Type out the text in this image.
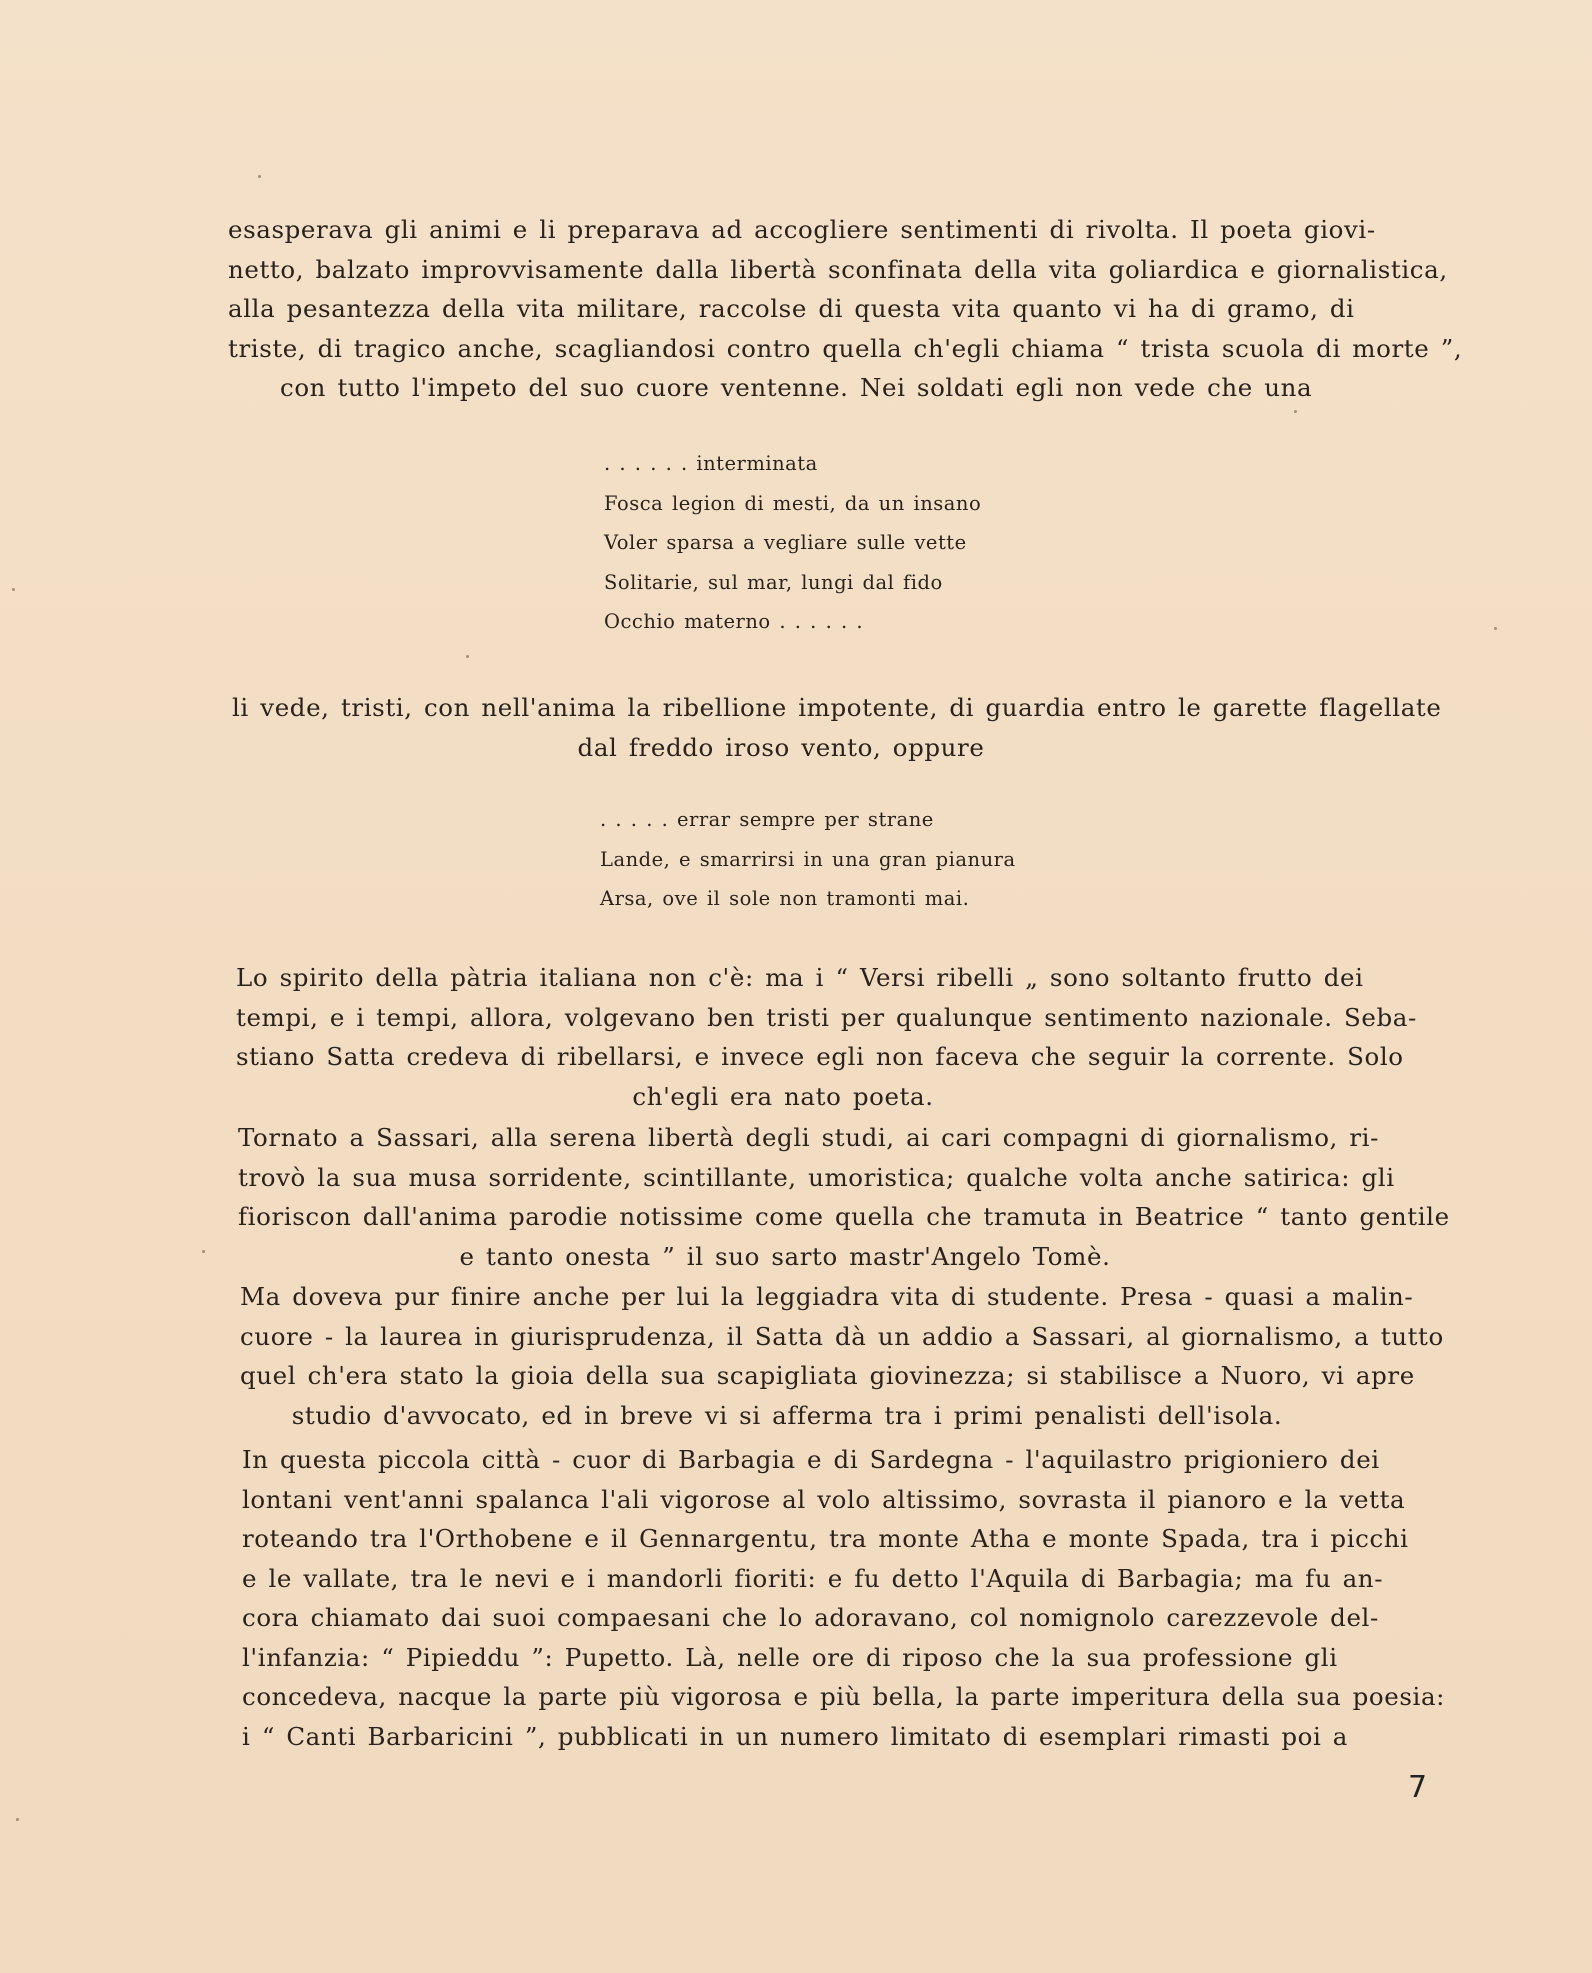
esasperava gli animi e li preparava ad accogliere sentimenti di rivolta. Il poeta giovi-
netto, balzato improvvisamente dalla libertà sconfinata della vita goliardica e giornalistica,
alla pesantezza della vita militare, raccolse di questa vita quanto vi ha di gramo, di
triste, di tragico anche, scagliandosi contro quella ch'egli chiama “ trista scuola di morte ”,
con tutto l'impeto del suo cuore ventenne. Nei soldati egli non vede che una
. . . . . . interminata
Fosca legion di mesti, da un insano
Voler sparsa a vegliare sulle vette
Solitarie, sul mar, lungi dal fido
Occhio materno . . . . . .
li vede, tristi, con nell'anima la ribellione impotente, di guardia entro le garette flagellate
dal freddo iroso vento, oppure
. . . . . errar sempre per strane
Lande, e smarrirsi in una gran pianura
Arsa, ove il sole non tramonti mai.
Lo spirito della pàtria italiana non c'è: ma i “ Versi ribelli „ sono soltanto frutto dei
tempi, e i tempi, allora, volgevano ben tristi per qualunque sentimento nazionale. Seba-
stiano Satta credeva di ribellarsi, e invece egli non faceva che seguir la corrente. Solo
ch'egli era nato poeta.
Tornato a Sassari, alla serena libertà degli studi, ai cari compagni di giornalismo, ri-
trovò la sua musa sorridente, scintillante, umoristica; qualche volta anche satirica: gli
fioriscon dall'anima parodie notissime come quella che tramuta in Beatrice “ tanto gentile
e tanto onesta ” il suo sarto mastr'Angelo Tomè.
Ma doveva pur finire anche per lui la leggiadra vita di studente. Presa - quasi a malin-
cuore - la laurea in giurisprudenza, il Satta dà un addio a Sassari, al giornalismo, a tutto
quel ch'era stato la gioia della sua scapigliata giovinezza; si stabilisce a Nuoro, vi apre
studio d'avvocato, ed in breve vi si afferma tra i primi penalisti dell'isola.
In questa piccola città - cuor di Barbagia e di Sardegna - l'aquilastro prigioniero dei
lontani vent'anni spalanca l'ali vigorose al volo altissimo, sovrasta il pianoro e la vetta
roteando tra l'Orthobene e il Gennargentu, tra monte Atha e monte Spada, tra i picchi
e le vallate, tra le nevi e i mandorli fioriti: e fu detto l'Aquila di Barbagia; ma fu an-
cora chiamato dai suoi compaesani che lo adoravano, col nomignolo carezzevole del-
l'infanzia: “ Pipieddu ”: Pupetto. Là, nelle ore di riposo che la sua professione gli
concedeva, nacque la parte più vigorosa e più bella, la parte imperitura della sua poesia:
i “ Canti Barbaricini ”, pubblicati in un numero limitato di esemplari rimasti poi a
7
